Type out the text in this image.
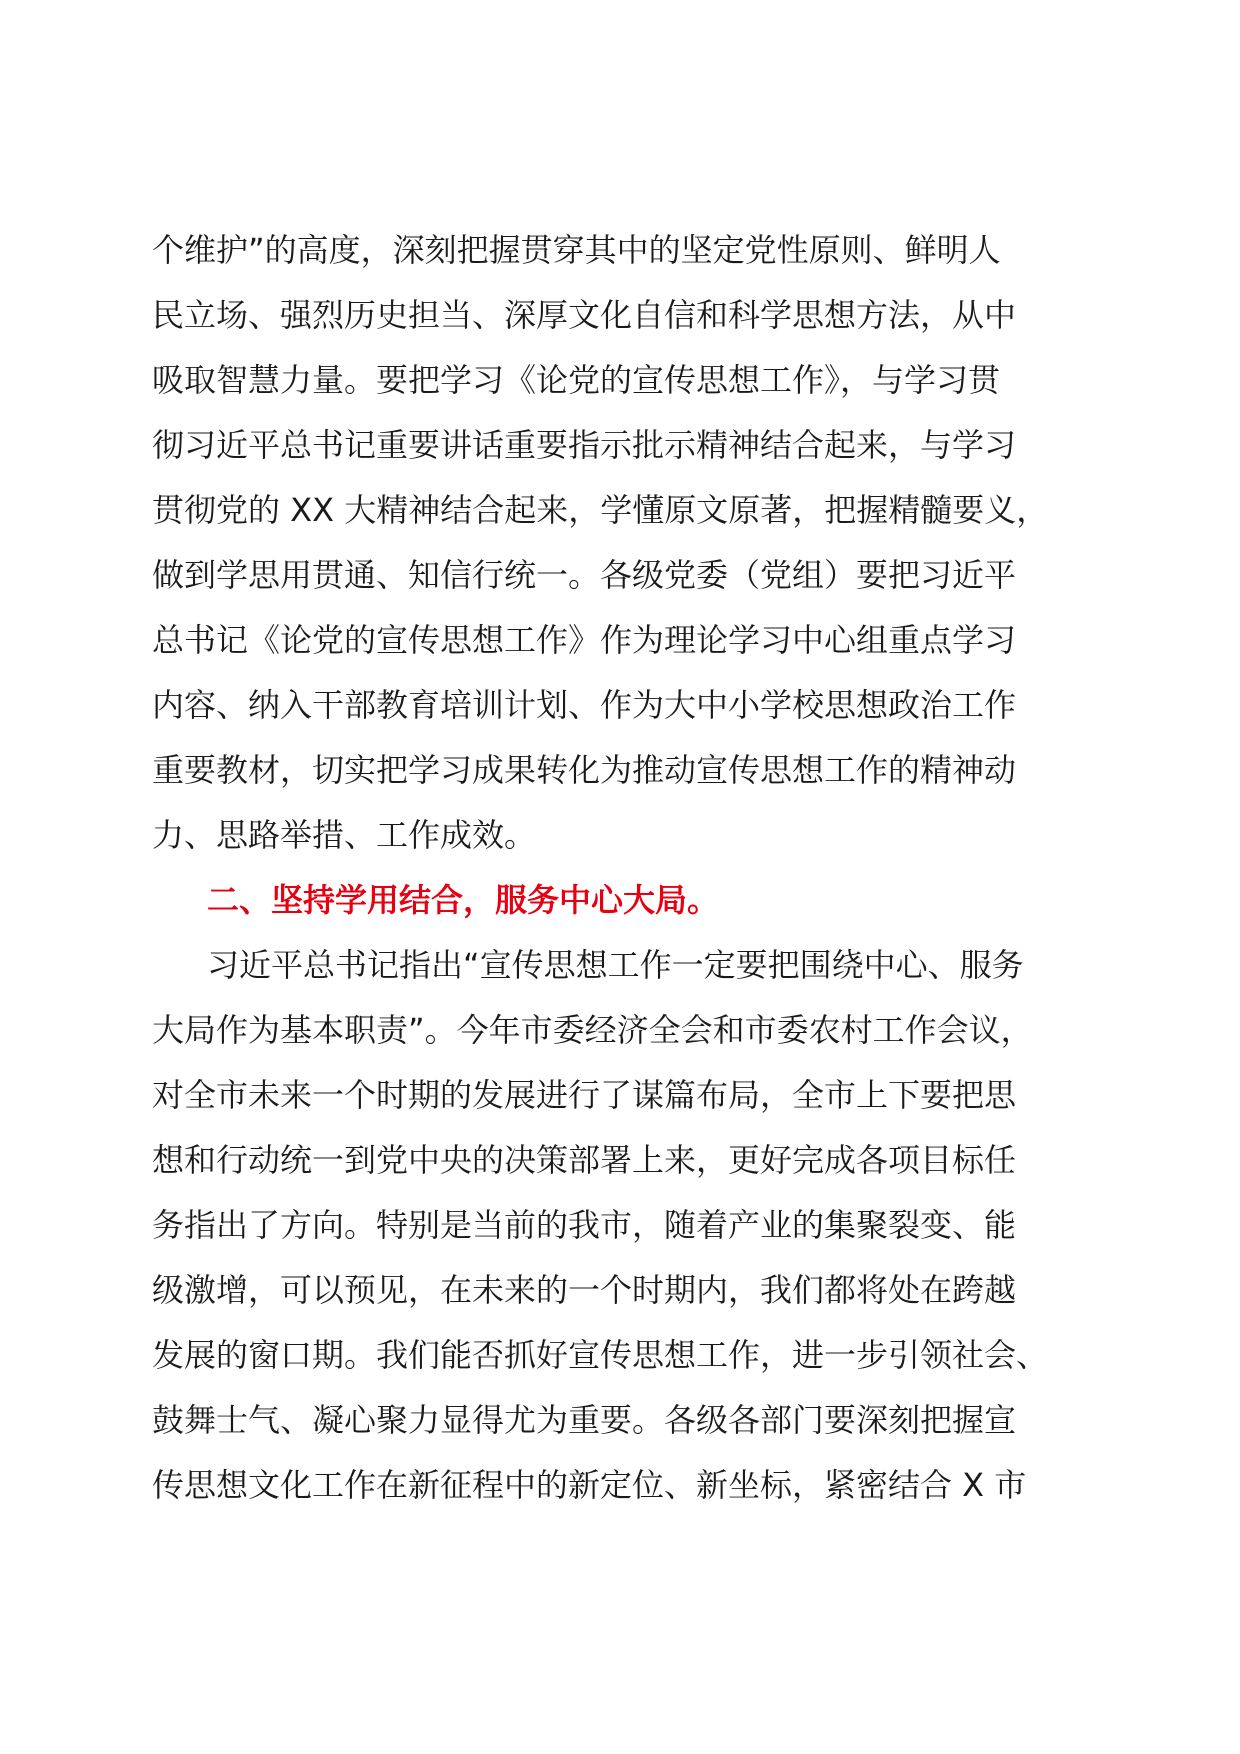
个维护”的高度，深刻把握贯穿其中的坚定党性原则、鲜明人
民立场、强烈历史担当、深厚文化自信和科学思想方法，从中
吸取智慧力量。要把学习《论党的宣传思想工作》，与学习贯
彻习近平总书记重要讲话重要指示批示精神结合起来，与学习
贯彻党的 XX 大精神结合起来，学懂原文原著，把握精髓要义，
做到学思用贯通、知信行统一。各级党委（党组）要把习近平
总书记《论党的宣传思想工作》作为理论学习中心组重点学习
内容、纳入干部教育培训计划、作为大中小学校思想政治工作
重要教材，切实把学习成果转化为推动宣传思想工作的精神动
力、思路举措、工作成效。
二、坚持学用结合，服务中心大局。
习近平总书记指出“宣传思想工作一定要把围绕中心、服务
大局作为基本职责”。今年市委经济全会和市委农村工作会议，
对全市未来一个时期的发展进行了谋篇布局，全市上下要把思
想和行动统一到党中央的决策部署上来，更好完成各项目标任
务指出了方向。特别是当前的我市，随着产业的集聚裂变、能
级激增，可以预见，在未来的一个时期内，我们都将处在跨越
发展的窗口期。我们能否抓好宣传思想工作，进一步引领社会、
鼓舞士气、凝心聚力显得尤为重要。各级各部门要深刻把握宣
传思想文化工作在新征程中的新定位、新坐标，紧密结合 X 市
